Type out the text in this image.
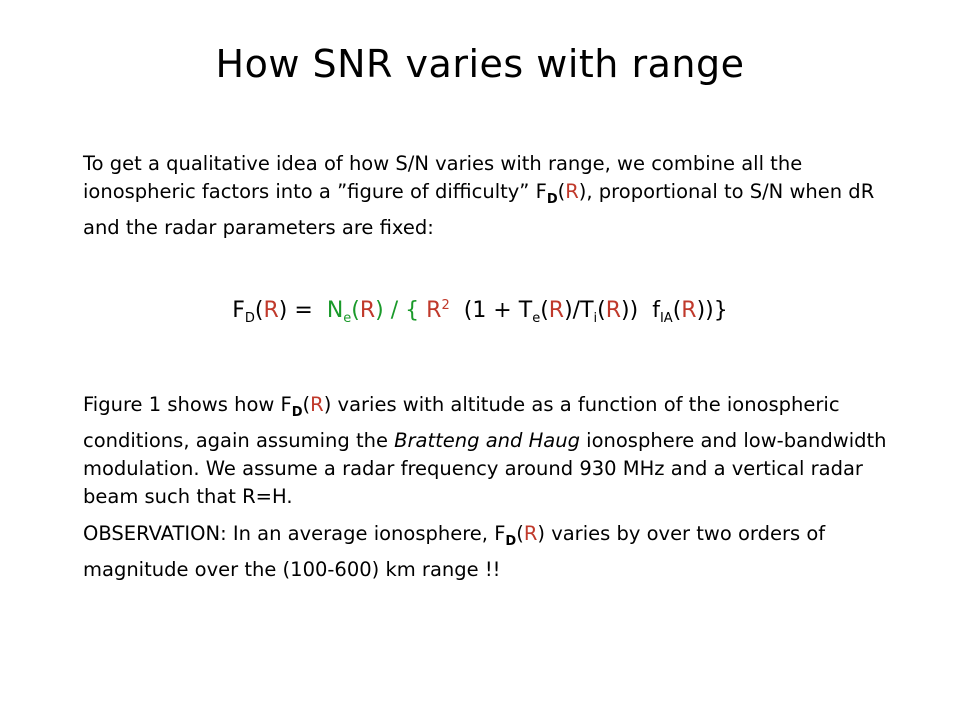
How SNR varies with range
To get a qualitative idea of how S/N varies with range, we combine all the ionospheric factors into a ”figure of difficulty” $F_D(R)$, proportional to S/N when dR and the radar parameters are fixed:
$F_D(R) = N_e(R)$ / { $R^2$ $(1 + T_e(R)/T_i(R))$ $f_{IA}(R)$)}
Figure 1 shows how $F_D(R)$ varies with altitude as a function of the ionospheric conditions, again assuming the Bratteng and Haug ionosphere and low-bandwidth modulation. We assume a radar frequency around 930 MHz and a vertical radar beam such that R=H.
OBSERVATION: In an average ionosphere, $F_D(R)$ varies by over two orders of magnitude over the (100-600) km range !!
